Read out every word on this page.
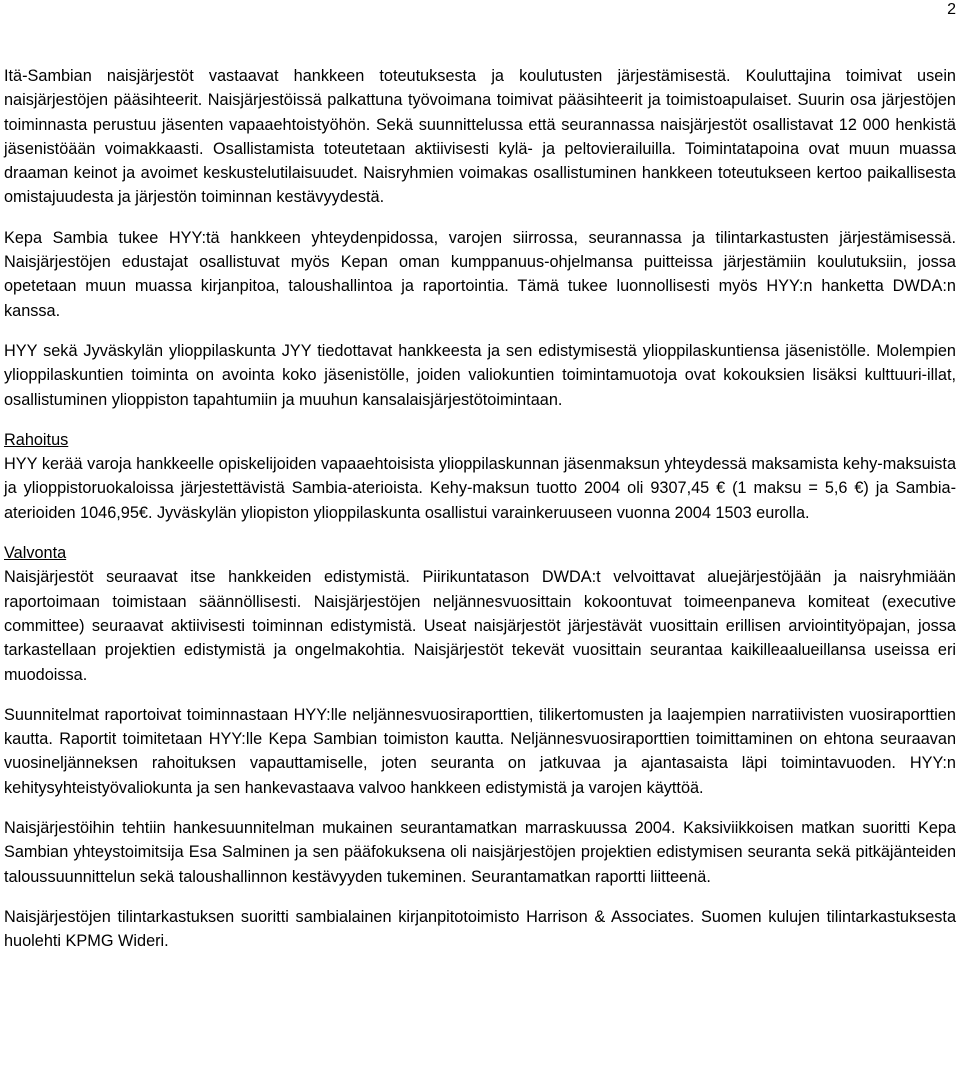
2

Itä-Sambian naisjärjestöt vastaavat hankkeen toteutuksesta ja koulutusten järjestämisestä. Kouluttajina toimivat usein naisjärjestöjen pääsihteerit. Naisjärjestöissä palkattuna työvoimana toimivat pääsihteerit ja toimistoapulaiset. Suurin osa järjestöjen toiminnasta perustuu jäsenten vapaaehtoistyöhön. Sekä suunnittelussa että seurannassa naisjärjestöt osallistavat 12 000 henkistä jäsenistöään voimakkaasti. Osallistamista toteutetaan aktiivisesti kylä- ja peltovierailuilla. Toimintatapoina ovat muun muassa draaman keinot ja avoimet keskustelutilaisuudet. Naisryhmien voimakas osallistuminen hankkeen toteutukseen kertoo paikallisesta omistajuudesta ja järjestön toiminnan kestävyydestä.

Kepa Sambia tukee HYY:tä hankkeen yhteydenpidossa, varojen siirrossa, seurannassa ja tilintarkastusten järjestämisessä. Naisjärjestöjen edustajat osallistuvat myös Kepan oman kumppanuus-ohjelmansa puitteissa järjestämiin koulutuksiin, jossa opetetaan muun muassa kirjanpitoa, taloushallintoa ja raportointia. Tämä tukee luonnollisesti myös HYY:n hanketta DWDA:n kanssa.

HYY sekä Jyväskylän ylioppilaskunta JYY tiedottavat hankkeesta ja sen edistymisestä ylioppilaskuntiensa jäsenistölle. Molempien ylioppilaskuntien toiminta on avointa koko jäsenistölle, joiden valiokuntien toimintamuotoja ovat kokouksien lisäksi kulttuuri-illat, osallistuminen ylioppiston tapahtumiin ja muuhun kansalaisjärjestötoimintaan.

Rahoitus
HYY kerää varoja hankkeelle opiskelijoiden vapaaehtoisista ylioppilaskunnan jäsenmaksun yhteydessä maksamista kehy-maksuista ja ylioppistoruokaloissa järjestettävistä Sambia-aterioista. Kehy-maksun tuotto 2004 oli 9307,45 € (1 maksu = 5,6 €) ja Sambia-aterioiden 1046,95€. Jyväskylän yliopiston ylioppilaskunta osallistui varainkeruuseen vuonna 2004 1503 eurolla.

Valvonta
Naisjärjestöt seuraavat itse hankkeiden edistymistä. Piirikuntatason DWDA:t velvoittavat aluejärjestöjään ja naisryhmiään raportoimaan toimistaan säännöllisesti. Naisjärjestöjen neljännesvuosittain kokoontuvat toimeenpaneva komiteat (executive committee) seuraavat aktiivisesti toiminnan edistymistä. Useat naisjärjestöt järjestävät vuosittain erillisen arviointityöpajan, jossa tarkastellaan projektien edistymistä ja ongelmakohtia. Naisjärjestöt tekevät vuosittain seurantaa kaikilleaalueillansa useissa eri muodoissa.

Suunnitelmat raportoivat toiminnastaan HYY:lle neljännesvuosiraporttien, tilikertomusten ja laajempien narratiivisten vuosiraporttien kautta. Raportit toimitetaan HYY:lle Kepa Sambian toimiston kautta. Neljännesvuosiraporttien toimittaminen on ehtona seuraavan vuosineljänneksen rahoituksen vapauttamiselle, joten seuranta on jatkuvaa ja ajantasaista läpi toimintavuoden. HYY:n kehitysyhteistyövaliokunta ja sen hankevastaava valvoo hankkeen edistymistä ja varojen käyttöä.

Naisjärjestöihin tehtiin hankesuunnitelman mukainen seurantamatkan marraskuussa 2004. Kaksiviikkoisen matkan suoritti Kepa Sambian yhteystoimitsija Esa Salminen ja sen pääfokuksena oli naisjärjestöjen projektien edistymisen seuranta sekä pitkäjänteiden taloussuunnittelun sekä taloushallinnon kestävyyden tukeminen. Seurantamatkan raportti liitteenä.

Naisjärjestöjen tilintarkastuksen suoritti sambialainen kirjanpitotoimisto Harrison & Associates. Suomen kulujen tilintarkastuksesta huolehti KPMG Wideri.
